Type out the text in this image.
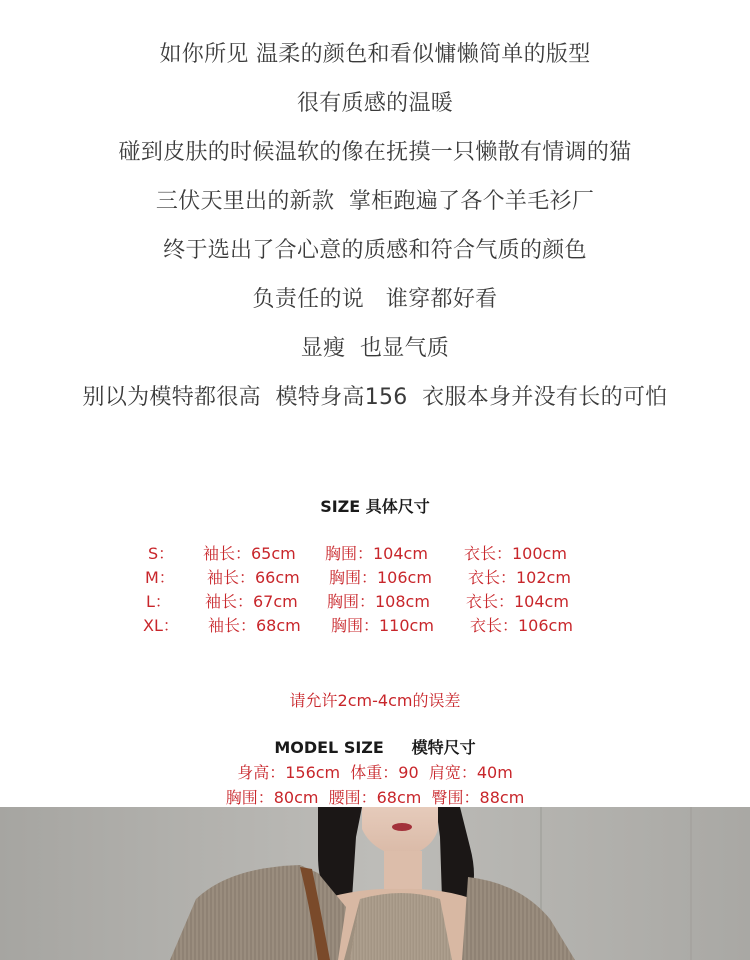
如你所见 温柔的颜色和看似慵懒简单的版型
很有质感的温暖
碰到皮肤的时候温软的像在抚摸一只懒散有情调的猫
三伏天里出的新款  掌柜跑遍了各个羊毛衫厂
终于选出了合心意的质感和符合气质的颜色
负责任的说   谁穿都好看
显瘦  也显气质
别以为模特都很高  模特身高156  衣服本身并没有长的可怕
SIZE 具体尺寸

S：

袖长：65cm

胸围：104cm

衣长：100cm

M：

袖长：66cm

胸围：106cm

衣长：102cm

L：

袖长：67cm

胸围：108cm

衣长：104cm

XL：

袖长：68cm

胸围：110cm

衣长：106cm

请允许2cm-4cm的误差
MODEL SIZE     模特尺寸
身高：156cm  体重：90  肩宽：40m
胸围：80cm  腰围：68cm  臀围：88cm
